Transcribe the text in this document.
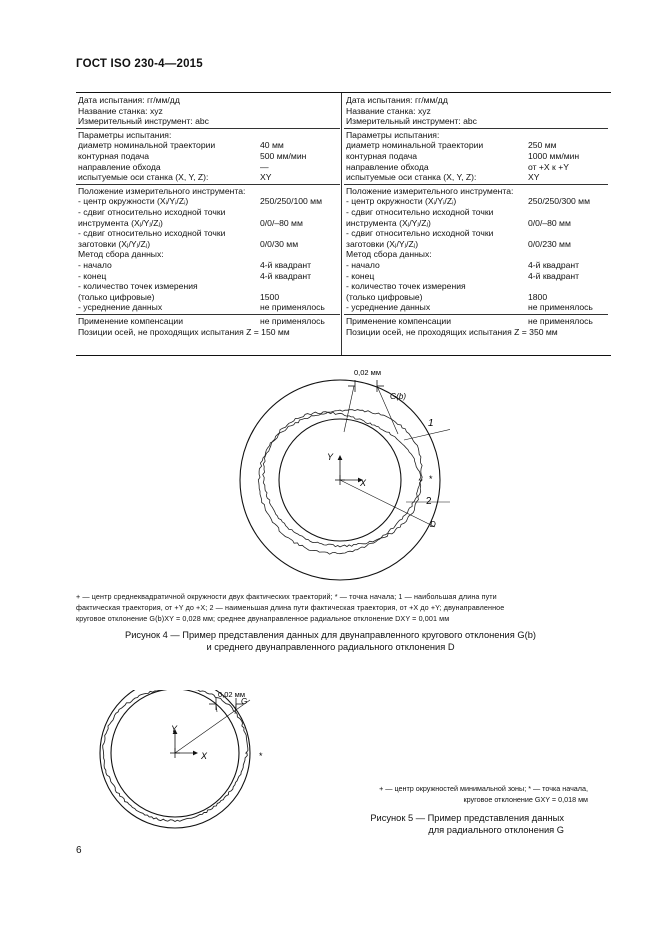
ГОСТ ISO 230-4—2015
Дата испытания: гг/мм/дд
Название станка: xyz
Измерительный инструмент: abc
Параметры испытания:
диаметр номинальной траектории	40 мм
контурная подача	500 мм/мин
направление обхода	—
испытуемые оси станка (X, Y, Z):	XY
Положение измерительного инструмента:
- центр окружности (Xᵢ/Yᵢ/Zᵢ)	250/250/100 мм
- сдвиг относительно исходной точки
инструмента (Xⱼ/Yⱼ/Zⱼ)	0/0/–80 мм
- сдвиг относительно исходной точки
заготовки (Xⱼ/Yⱼ/Zⱼ)	0/0/30 мм
Метод сбора данных:
- начало	4-й квадрант
- конец	4-й квадрант
- количество точек измерения
(только цифровые)	1500
- усреднение данных	не применялось
Применение компенсации	не применялось
Позиции осей, не проходящих испытания Z = 150 мм
Дата испытания: гг/мм/дд
Название станка: xyz
Измерительный инструмент: abc
Параметры испытания:
диаметр номинальной траектории	250 мм
контурная подача	1000 мм/мин
направление обхода	от +X к +Y
испытуемые оси станка (X, Y, Z):	XY
Положение измерительного инструмента:
- центр окружности (Xᵢ/Yᵢ/Zᵢ)	250/250/300 мм
- сдвиг относительно исходной точки
инструмента (Xⱼ/Yⱼ/Zⱼ)	0/0/–80 мм
- сдвиг относительно исходной точки
заготовки (Xⱼ/Yⱼ/Zⱼ)	0/0/230 мм
Метод сбора данных:
- начало	4-й квадрант
- конец	4-й квадрант
- количество точек измерения
(только цифровые)	1800
- усреднение данных	не применялось
Применение компенсации	не применялось
Позиции осей, не проходящих испытания Z = 350 мм
0,02 мм
X
Y
G(b)
1
2
D
*
+ — центр среднеквадратичной окружности двух фактических траекторий; * — точка начала; 1 — наибольшая длина пути
фактическая траектория, от +Y до +X; 2 — наименьшая длина пути фактическая траектория, от +X до +Y; двунаправленное
круговое отклонение G(b)XY = 0,028 мм; среднее двунаправленное радиальное отклонение DXY = 0,001 мм
Рисунок 4 — Пример представления данных для двунаправленного кругового отклонения G(b)
и среднего двунаправленного радиального отклонения D
0,02 мм
X
Y
G
*
+ — центр окружностей минимальной зоны; * — точка начала,
круговое отклонение GXY = 0,018 мм
Рисунок 5 — Пример представления данных
для радиального отклонения G
6
